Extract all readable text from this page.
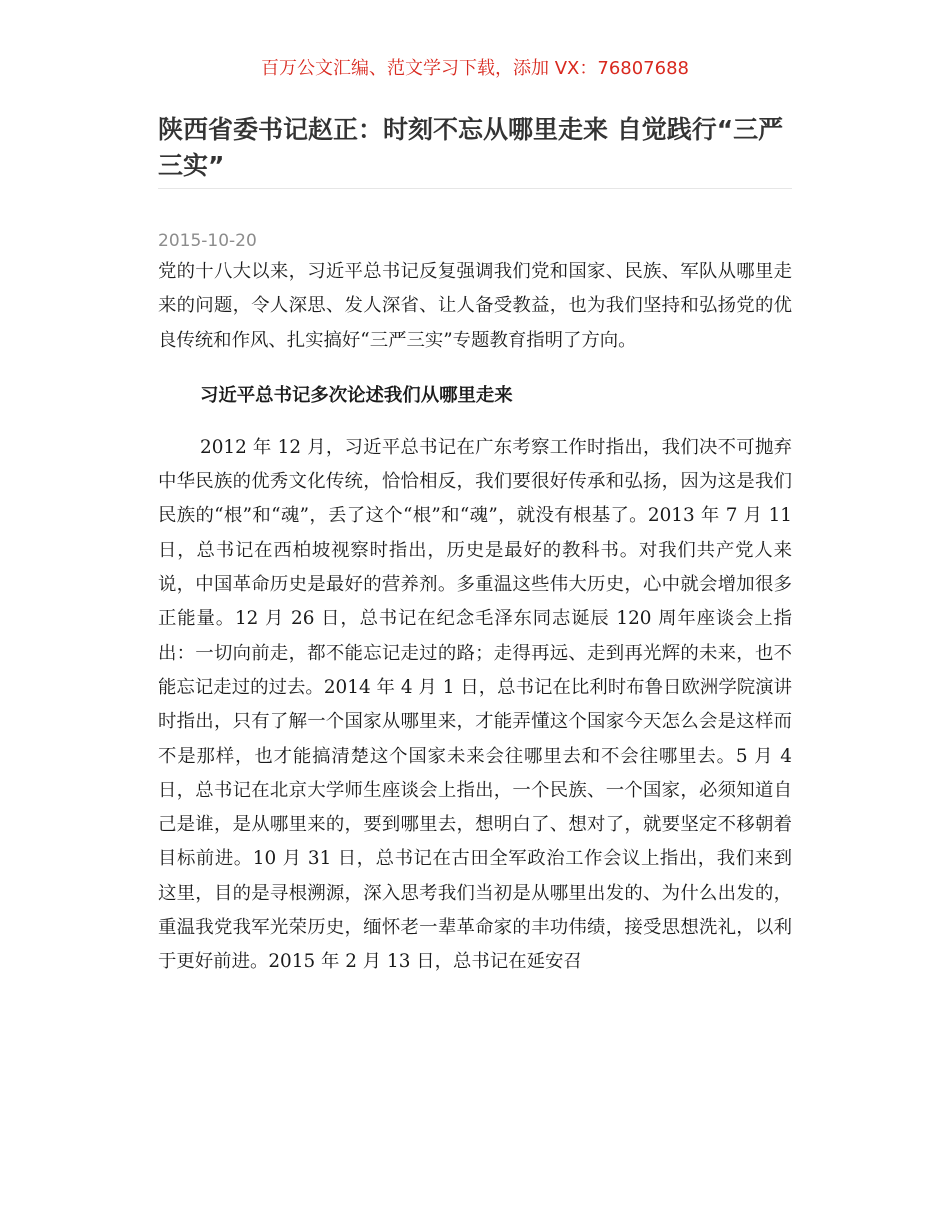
百万公文汇编、范文学习下载，添加 VX：76807688
陕西省委书记赵正：时刻不忘从哪里走来 自觉践行“三严三实”
2015-10-20

党的十八大以来，习近平总书记反复强调我们党和国家、民族、军队从哪里走来的问题，令人深思、发人深省、让人备受教益，也为我们坚持和弘扬党的优良传统和作风、扎实搞好“三严三实”专题教育指明了方向。

习近平总书记多次论述我们从哪里走来

2012 年 12 月，习近平总书记在广东考察工作时指出，我们决不可抛弃中华民族的优秀文化传统，恰恰相反，我们要很好传承和弘扬，因为这是我们民族的“根”和“魂”，丢了这个“根”和“魂”，就没有根基了。2013 年 7 月 11 日，总书记在西柏坡视察时指出，历史是最好的教科书。对我们共产党人来说，中国革命历史是最好的营养剂。多重温这些伟大历史，心中就会增加很多正能量。12 月 26 日，总书记在纪念毛泽东同志诞辰 120 周年座谈会上指出：一切向前走，都不能忘记走过的路；走得再远、走到再光辉的未来，也不能忘记走过的过去。2014 年 4 月 1 日，总书记在比利时布鲁日欧洲学院演讲时指出，只有了解一个国家从哪里来，才能弄懂这个国家今天怎么会是这样而不是那样，也才能搞清楚这个国家未来会往哪里去和不会往哪里去。5 月 4 日，总书记在北京大学师生座谈会上指出，一个民族、一个国家，必须知道自己是谁，是从哪里来的，要到哪里去，想明白了、想对了，就要坚定不移朝着目标前进。10 月 31 日，总书记在古田全军政治工作会议上指出，我们来到这里，目的是寻根溯源，深入思考我们当初是从哪里出发的、为什么出发的，重温我党我军光荣历史，缅怀老一辈革命家的丰功伟绩，接受思想洗礼，以利于更好前进。2015 年 2 月 13 日，总书记在延安召
